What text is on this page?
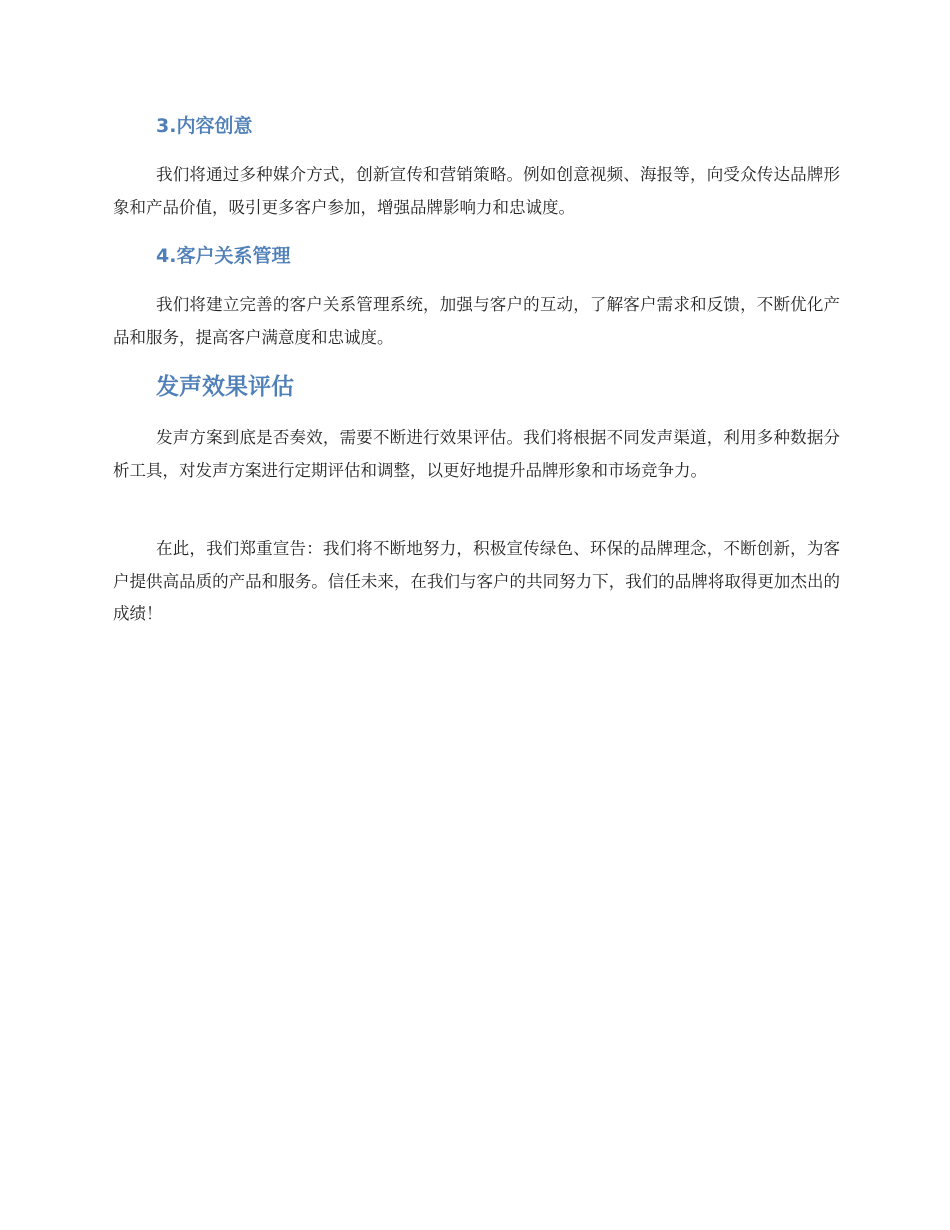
3.内容创意

我们将通过多种媒介方式，创新宣传和营销策略。例如创意视频、海报等，向受众传达品牌形象和产品价值，吸引更多客户参加，增强品牌影响力和忠诚度。

4.客户关系管理

我们将建立完善的客户关系管理系统，加强与客户的互动，了解客户需求和反馈，不断优化产品和服务，提高客户满意度和忠诚度。

发声效果评估

发声方案到底是否奏效，需要不断进行效果评估。我们将根据不同发声渠道，利用多种数据分析工具，对发声方案进行定期评估和调整，以更好地提升品牌形象和市场竞争力。

在此，我们郑重宣告：我们将不断地努力，积极宣传绿色、环保的品牌理念，不断创新，为客户提供高品质的产品和服务。信任未来，在我们与客户的共同努力下，我们的品牌将取得更加杰出的成绩！
